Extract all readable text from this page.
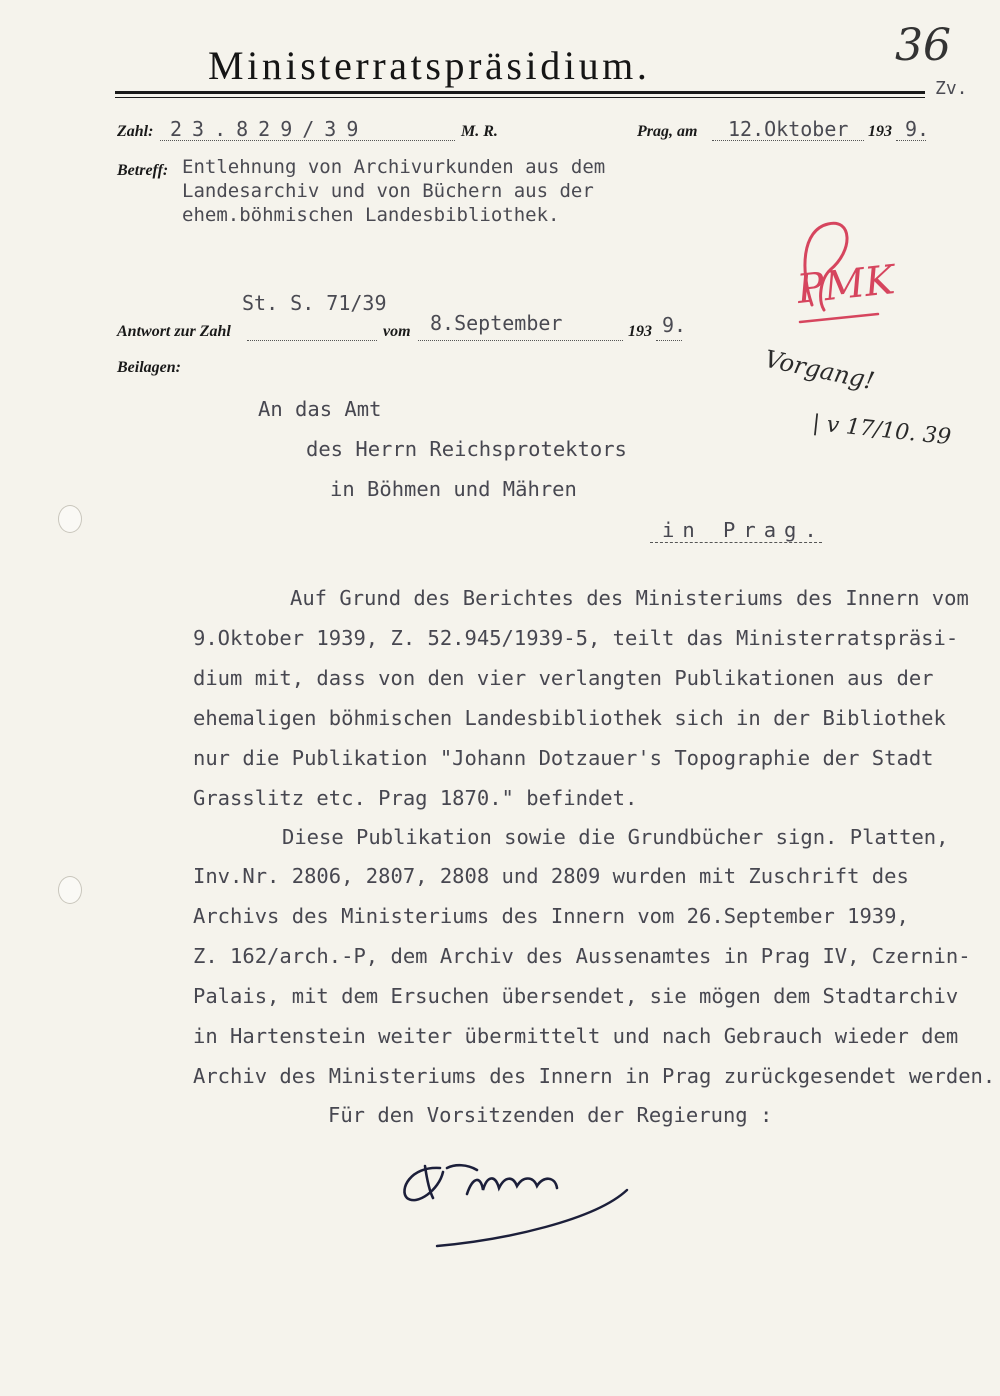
Ministerratspräsidium.	36
Zv.
Zahl: 23.829/39	M. R.	Prag, am 12.Oktober 193 9.
Betreff: Entlehnung von Archivurkunden aus dem
Landesarchiv und von Büchern aus der
ehem.böhmischen Landesbibliothek.
St. S. 71/39
Antwort zur Zahl	vom 8.September	193 9.
Beilagen:
PMK
Vorgang!
| v 17/10. 39
An das Amt
des Herrn Reichsprotektors
in Böhmen und Mähren
in Prag.
Auf Grund des Berichtes des Ministeriums des Innern vom
9.Oktober 1939, Z. 52.945/1939-5, teilt das Ministerratspräsi-
dium mit, dass von den vier verlangten Publikationen aus der
ehemaligen böhmischen Landesbibliothek sich in der Bibliothek
nur die Publikation "Johann Dotzauer's Topographie der Stadt
Grasslitz etc. Prag 1870." befindet.
Diese Publikation sowie die Grundbücher sign. Platten,
Inv.Nr. 2806, 2807, 2808 und 2809 wurden mit Zuschrift des
Archivs des Ministeriums des Innern vom 26.September 1939,
Z. 162/arch.-P, dem Archiv des Aussenamtes in Prag IV, Czernin-
Palais, mit dem Ersuchen übersendet, sie mögen dem Stadtarchiv
in Hartenstein weiter übermittelt und nach Gebrauch wieder dem
Archiv des Ministeriums des Innern in Prag zurückgesendet werden.
Für den Vorsitzenden der Regierung :
